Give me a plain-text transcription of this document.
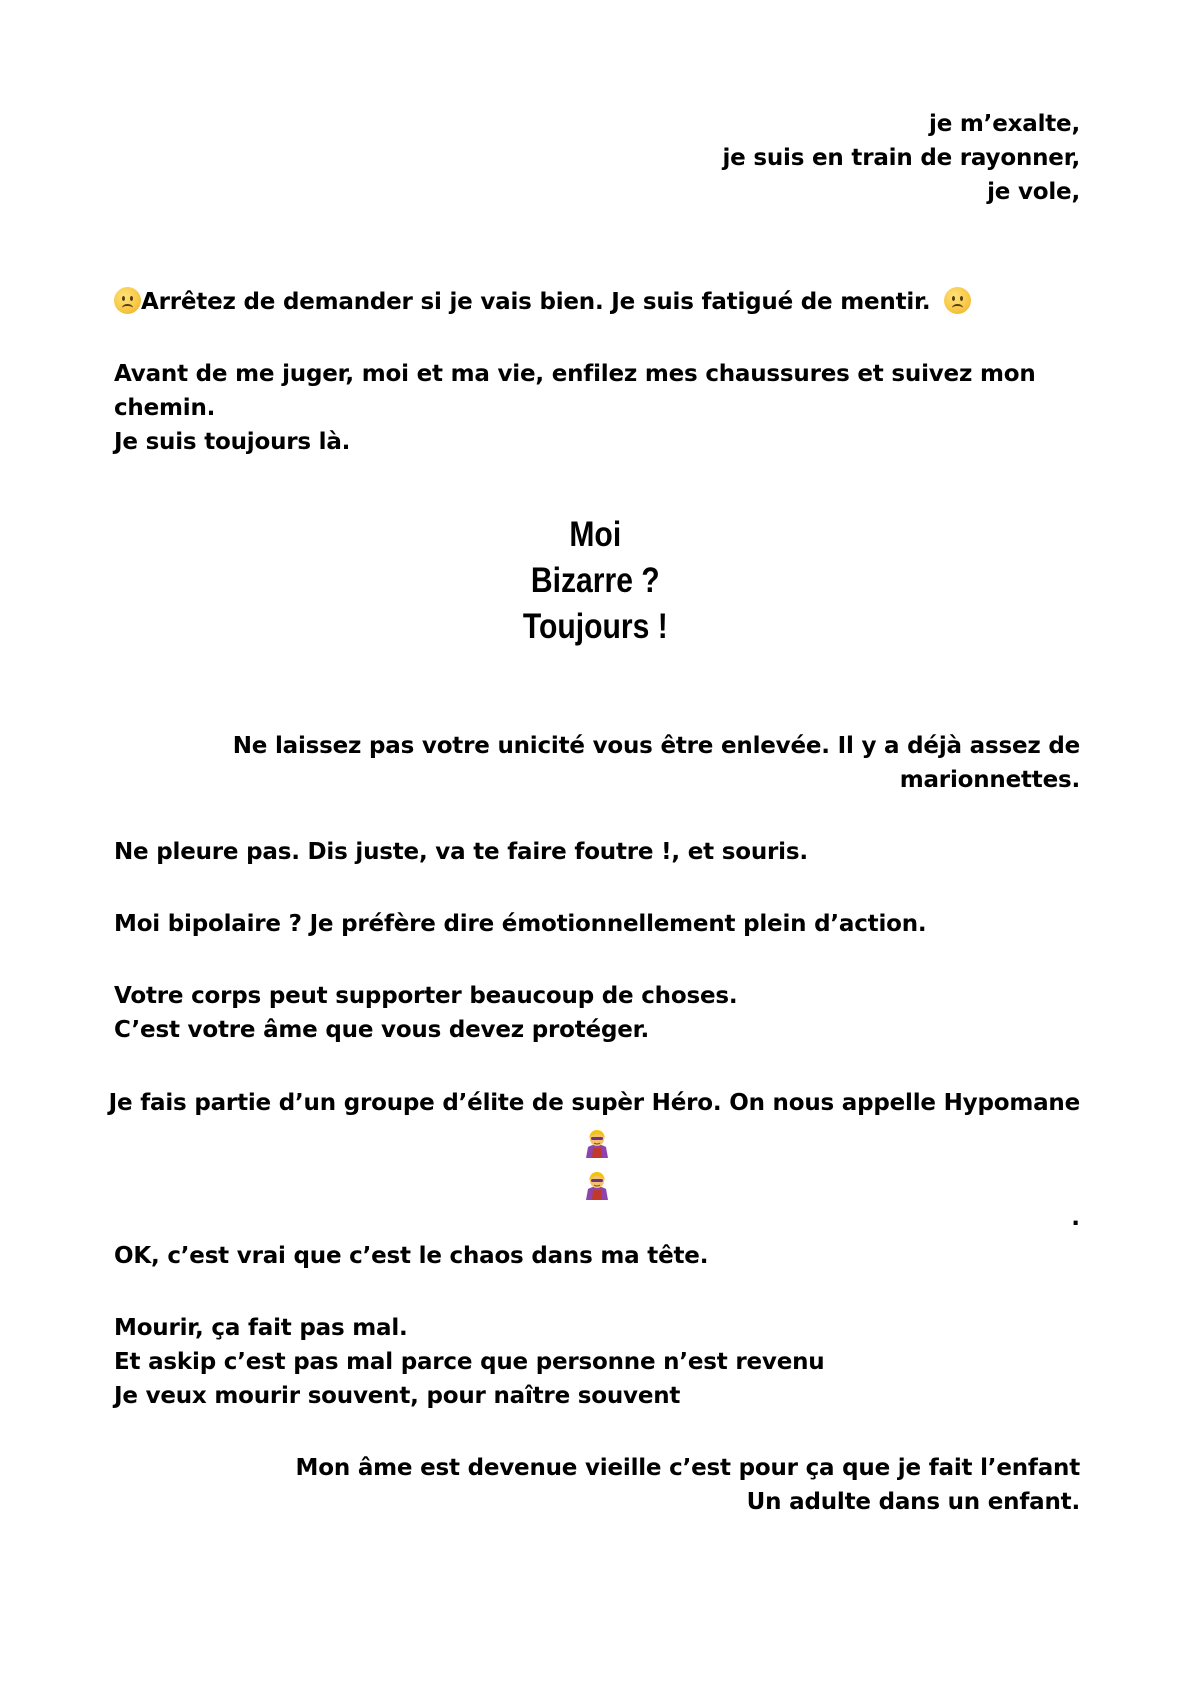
je m’exalte,
je suis en train de rayonner,
je vole,
Arrêtez de demander si je vais bien. Je suis fatigué de mentir.
Avant de me juger, moi et ma vie, enfilez mes chaussures et suivez mon
chemin.
Je suis toujours là.
Moi
Bizarre ?
Toujours !
Ne laissez pas votre unicité vous être enlevée. Il y a déjà assez de
marionnettes.
Ne pleure pas. Dis juste, va te faire foutre !, et souris.
Moi bipolaire ? Je préfère dire émotionnellement plein d’action.
Votre corps peut supporter beaucoup de choses.
C’est votre âme que vous devez protéger.
Je fais partie d’un groupe d’élite de supèr Héro. On nous appelle Hypomane
.
OK, c’est vrai que c’est le chaos dans ma tête.
Mourir, ça fait pas mal.
Et askip c’est pas mal parce que personne n’est revenu
Je veux mourir souvent, pour naître souvent
Mon âme est devenue vieille c’est pour ça que je fait l’enfant
Un adulte dans un enfant.
